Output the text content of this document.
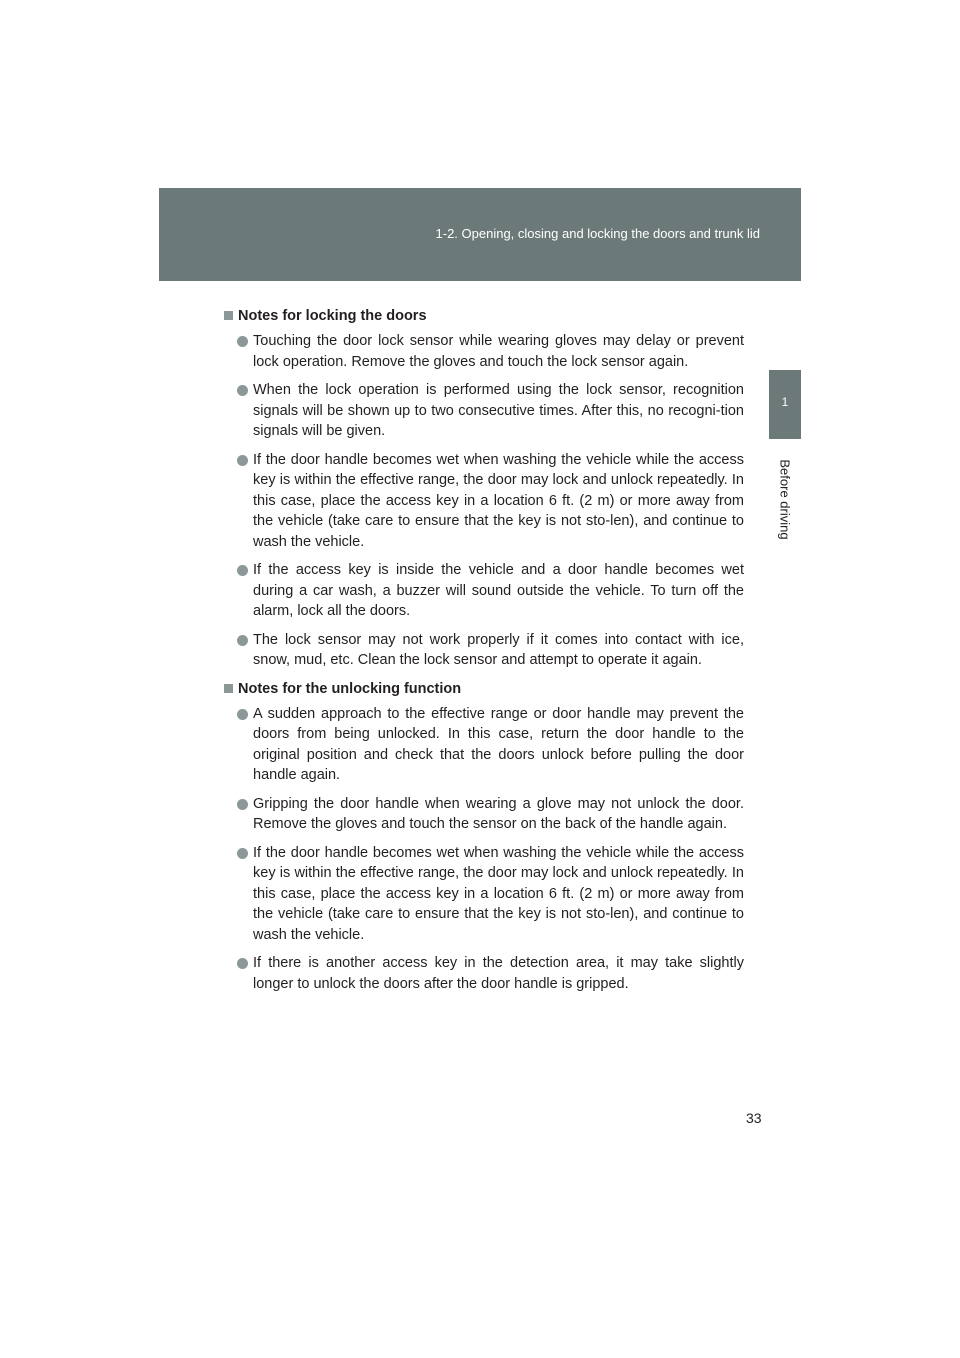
1-2. Opening, closing and locking the doors and trunk lid
1
Before driving
Notes for locking the doors
Touching the door lock sensor while wearing gloves may delay or prevent lock operation. Remove the gloves and touch the lock sensor again.
When the lock operation is performed using the lock sensor, recognition signals will be shown up to two consecutive times. After this, no recogni-tion signals will be given.
If the door handle becomes wet when washing the vehicle while the access key is within the effective range, the door may lock and unlock repeatedly. In this case, place the access key in a location 6 ft. (2 m) or more away from the vehicle (take care to ensure that the key is not sto-len), and continue to wash the vehicle.
If the access key is inside the vehicle and a door handle becomes wet during a car wash, a buzzer will sound outside the vehicle. To turn off the alarm, lock all the doors.
The lock sensor may not work properly if it comes into contact with ice, snow, mud, etc. Clean the lock sensor and attempt to operate it again.
Notes for the unlocking function
A sudden approach to the effective range or door handle may prevent the doors from being unlocked. In this case, return the door handle to the original position and check that the doors unlock before pulling the door handle again.
Gripping the door handle when wearing a glove may not unlock the door. Remove the gloves and touch the sensor on the back of the handle again.
If the door handle becomes wet when washing the vehicle while the access key is within the effective range, the door may lock and unlock repeatedly. In this case, place the access key in a location 6 ft. (2 m) or more away from the vehicle (take care to ensure that the key is not sto-len), and continue to wash the vehicle.
If there is another access key in the detection area, it may take slightly longer to unlock the doors after the door handle is gripped.
33
